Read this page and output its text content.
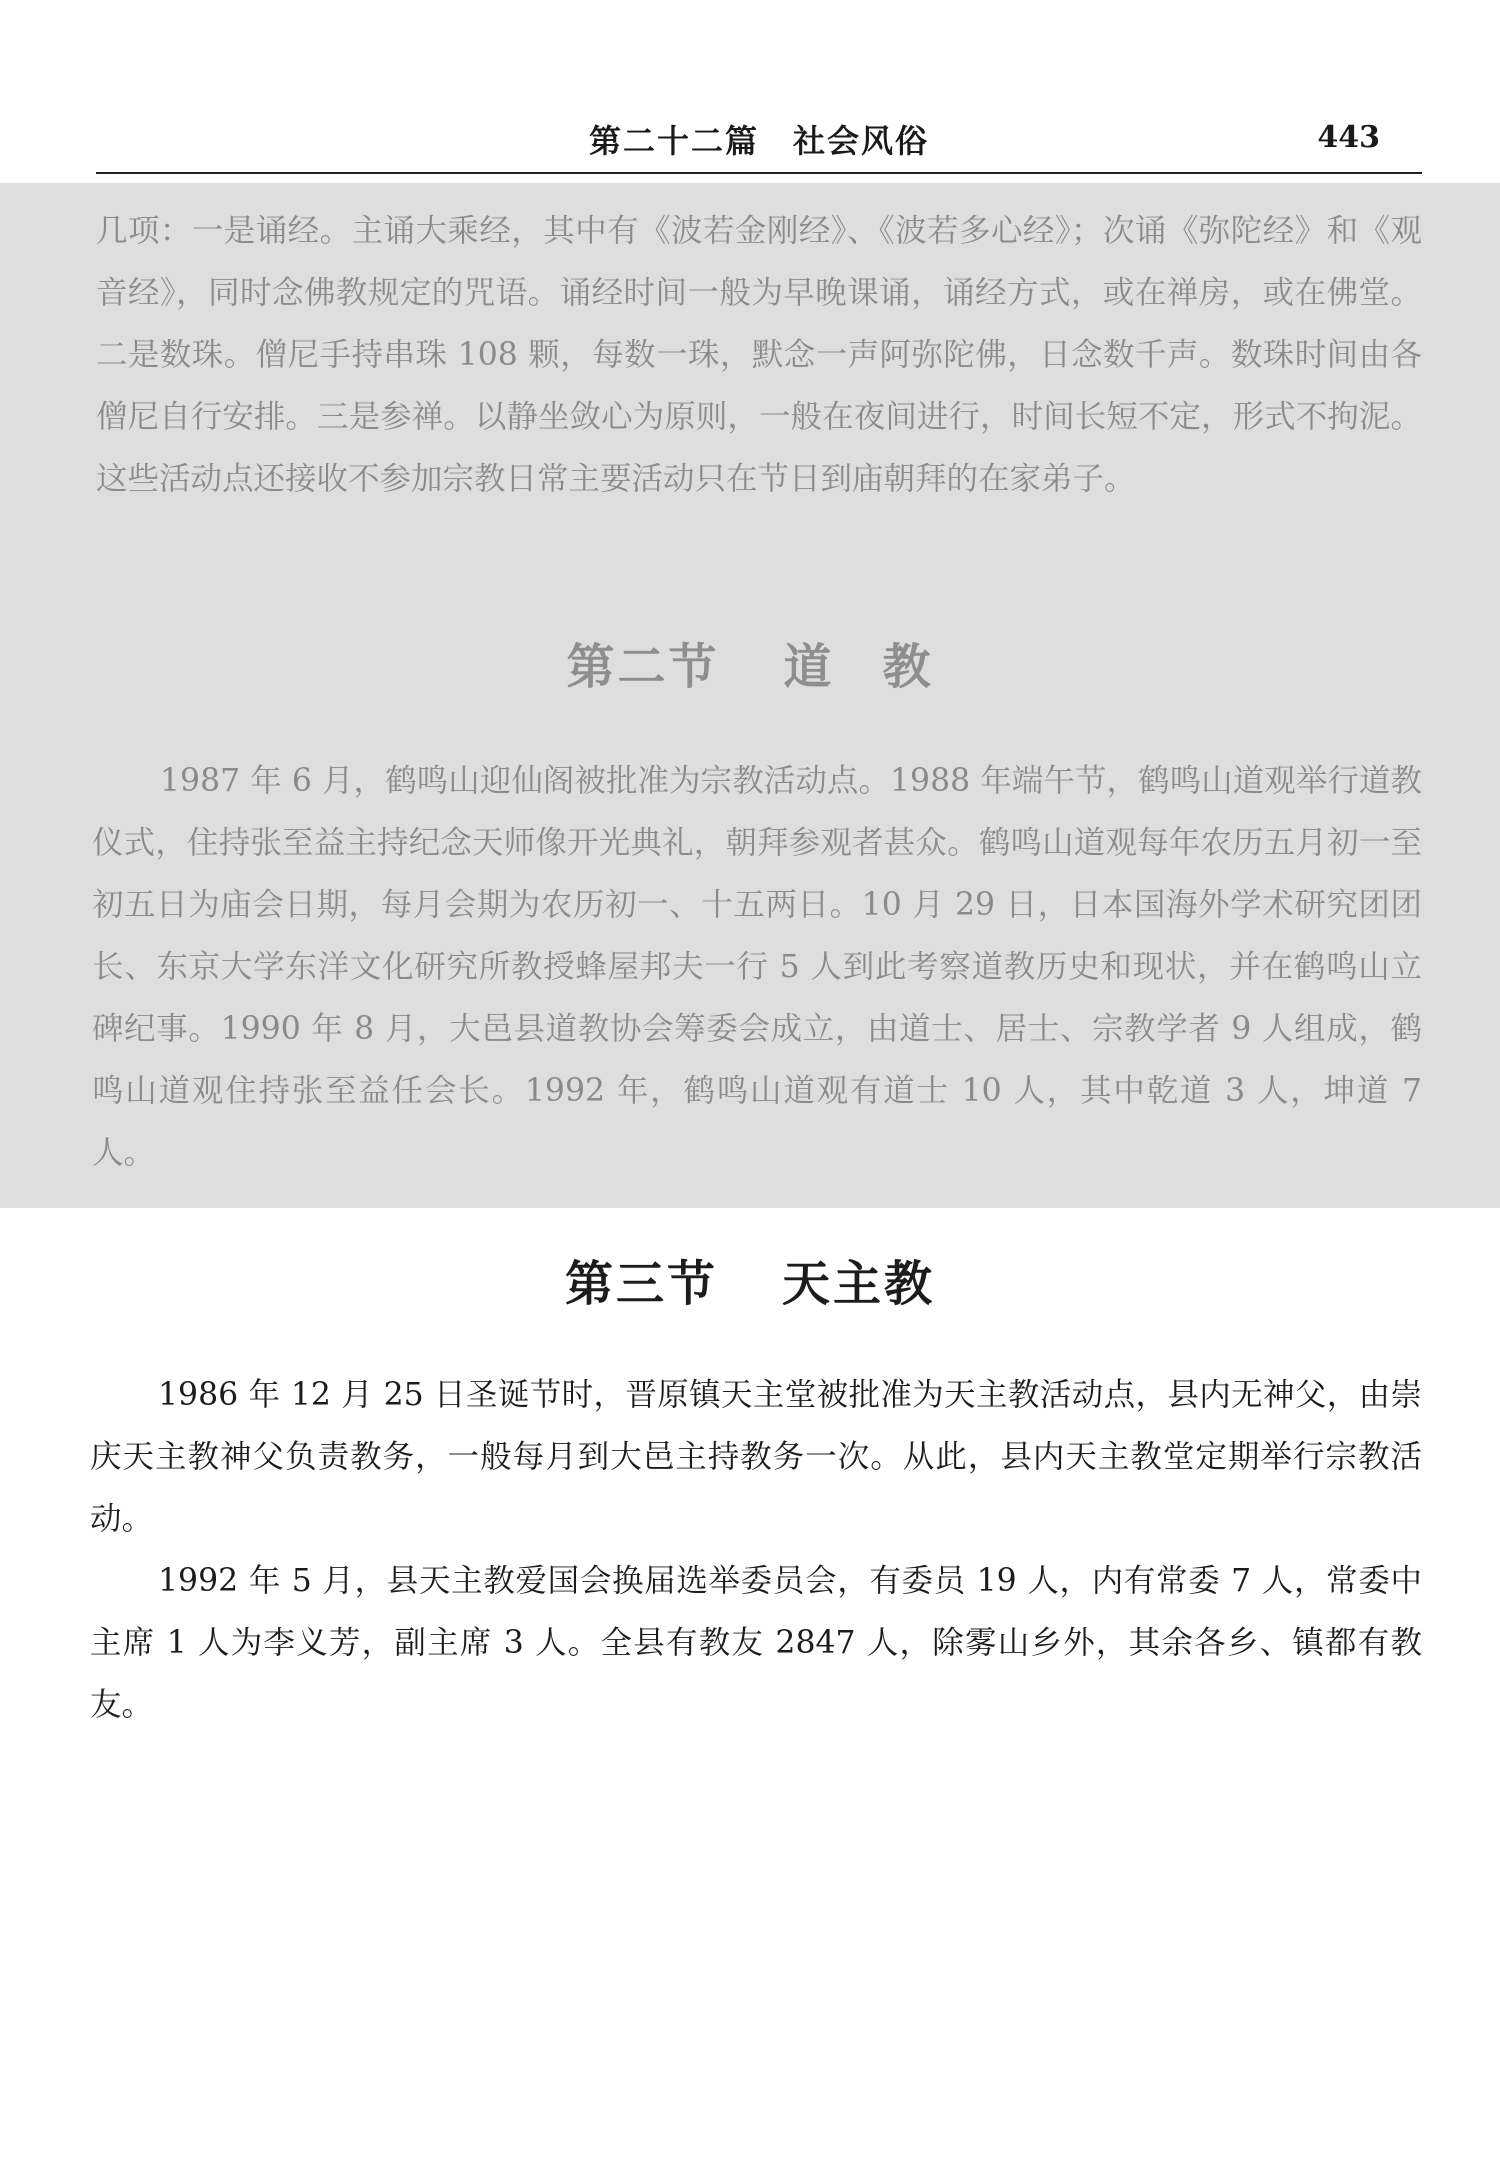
第二十二篇　社会风俗	443

几项：一是诵经。主诵大乘经，其中有《波若金刚经》、《波若多心经》；次诵《弥陀经》和《观音经》，同时念佛教规定的咒语。诵经时间一般为早晚课诵，诵经方式，或在禅房，或在佛堂。二是数珠。僧尼手持串珠 108 颗，每数一珠，默念一声阿弥陀佛，日念数千声。数珠时间由各僧尼自行安排。三是参禅。以静坐敛心为原则，一般在夜间进行，时间长短不定，形式不拘泥。这些活动点还接收不参加宗教日常主要活动只在节日到庙朝拜的在家弟子。

第二节 道 教

1987 年 6 月，鹤鸣山迎仙阁被批准为宗教活动点。1988 年端午节，鹤鸣山道观举行道教仪式，住持张至益主持纪念天师像开光典礼，朝拜参观者甚众。鹤鸣山道观每年农历五月初一至初五日为庙会日期，每月会期为农历初一、十五两日。10 月 29 日，日本国海外学术研究团团长、东京大学东洋文化研究所教授蜂屋邦夫一行 5 人到此考察道教历史和现状，并在鹤鸣山立碑纪事。1990 年 8 月，大邑县道教协会筹委会成立，由道士、居士、宗教学者 9 人组成，鹤鸣山道观住持张至益任会长。1992 年，鹤鸣山道观有道士 10 人，其中乾道 3 人，坤道 7 人。

第三节 天主教

1986 年 12 月 25 日圣诞节时，晋原镇天主堂被批准为天主教活动点，县内无神父，由崇庆天主教神父负责教务，一般每月到大邑主持教务一次。从此，县内天主教堂定期举行宗教活动。

1992 年 5 月，县天主教爱国会换届选举委员会，有委员 19 人，内有常委 7 人，常委中主席 1 人为李义芳，副主席 3 人。全县有教友 2847 人，除雾山乡外，其余各乡、镇都有教友。
